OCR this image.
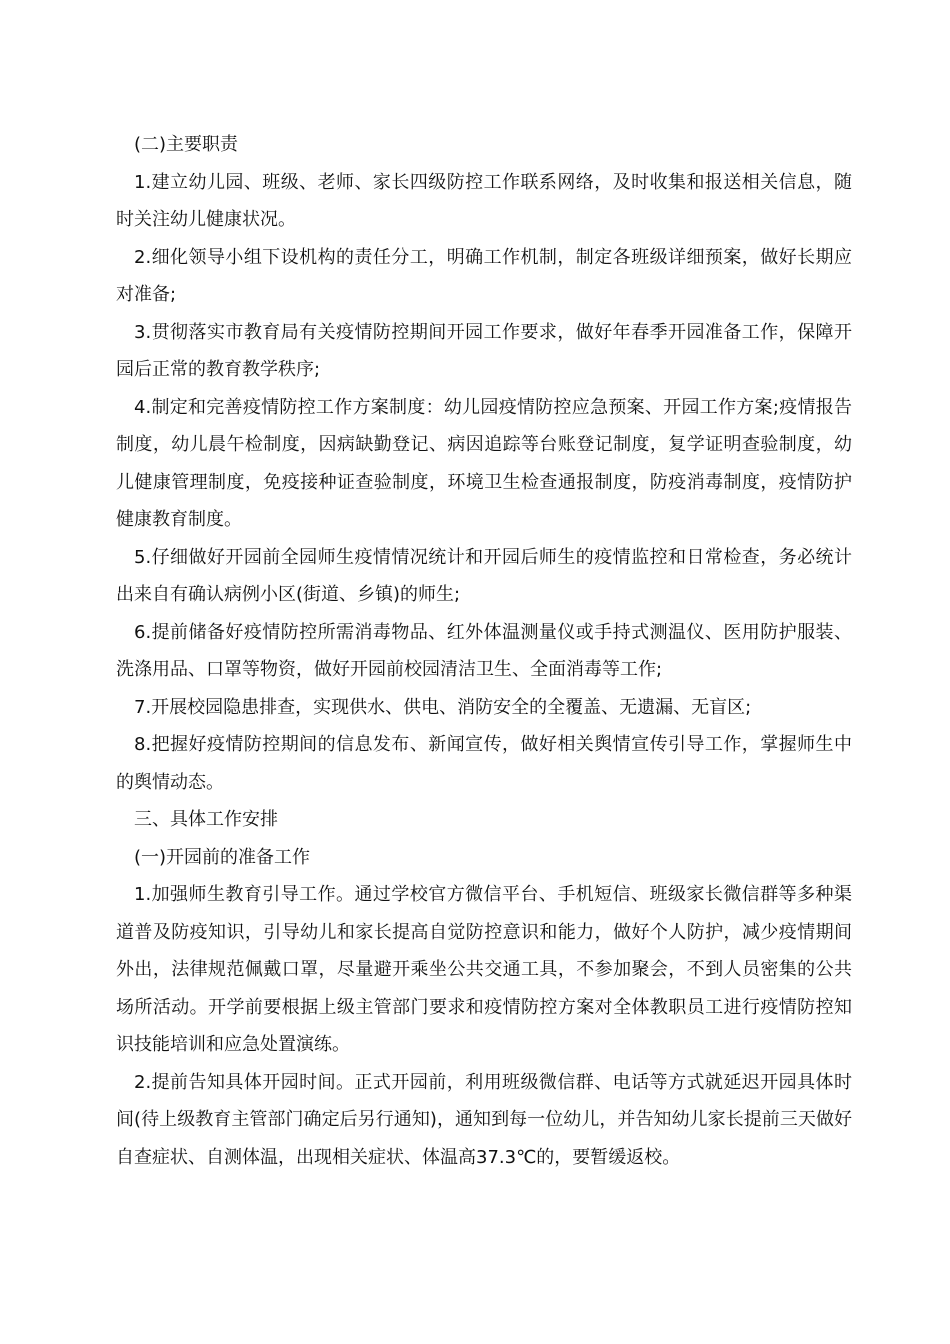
(二)主要职责

1.建立幼儿园、班级、老师、家长四级防控工作联系网络，及时收集和报送相关信息，随时关注幼儿健康状况。

2.细化领导小组下设机构的责任分工，明确工作机制，制定各班级详细预案，做好长期应对准备;

3.贯彻落实市教育局有关疫情防控期间开园工作要求，做好年春季开园准备工作，保障开园后正常的教育教学秩序;

4.制定和完善疫情防控工作方案制度：幼儿园疫情防控应急预案、开园工作方案;疫情报告制度，幼儿晨午检制度，因病缺勤登记、病因追踪等台账登记制度，复学证明查验制度，幼儿健康管理制度，免疫接种证查验制度，环境卫生检查通报制度，防疫消毒制度，疫情防护健康教育制度。

5.仔细做好开园前全园师生疫情情况统计和开园后师生的疫情监控和日常检查，务必统计出来自有确认病例小区(街道、乡镇)的师生;

6.提前储备好疫情防控所需消毒物品、红外体温测量仪或手持式测温仪、医用防护服装、洗涤用品、口罩等物资，做好开园前校园清洁卫生、全面消毒等工作;

7.开展校园隐患排查，实现供水、供电、消防安全的全覆盖、无遗漏、无盲区;

8.把握好疫情防控期间的信息发布、新闻宣传，做好相关舆情宣传引导工作，掌握师生中的舆情动态。

三、具体工作安排

(一)开园前的准备工作

1.加强师生教育引导工作。通过学校官方微信平台、手机短信、班级家长微信群等多种渠道普及防疫知识，引导幼儿和家长提高自觉防控意识和能力，做好个人防护，减少疫情期间外出，法律规范佩戴口罩，尽量避开乘坐公共交通工具，不参加聚会，不到人员密集的公共场所活动。开学前要根据上级主管部门要求和疫情防控方案对全体教职员工进行疫情防控知识技能培训和应急处置演练。

2.提前告知具体开园时间。正式开园前，利用班级微信群、电话等方式就延迟开园具体时间(待上级教育主管部门确定后另行通知)，通知到每一位幼儿，并告知幼儿家长提前三天做好自查症状、自测体温，出现相关症状、体温高37.3℃的，要暂缓返校。
